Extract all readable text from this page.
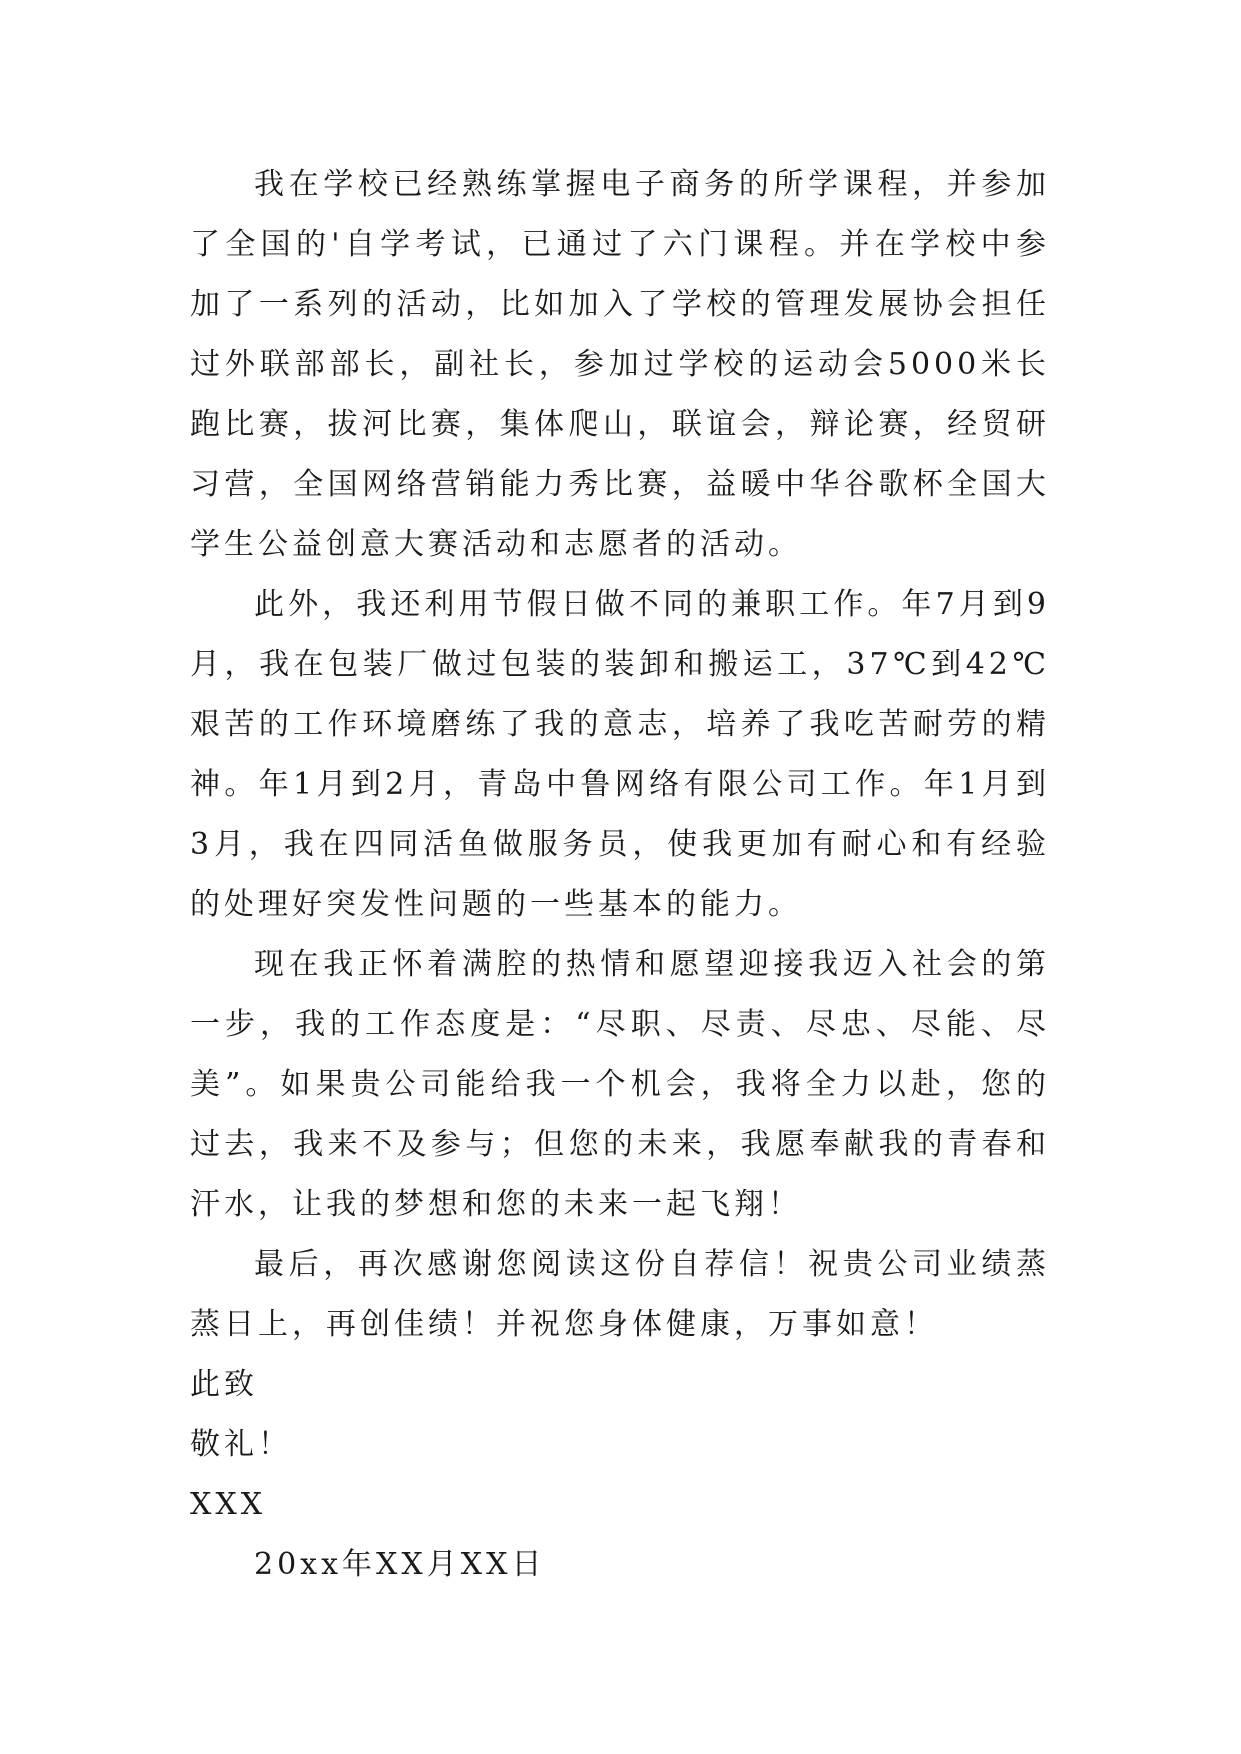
我在学校已经熟练掌握电子商务的所学课程，并参加了全国的'自学考试，已通过了六门课程。并在学校中参加了一系列的活动，比如加入了学校的管理发展协会担任过外联部部长，副社长，参加过学校的运动会5000米长跑比赛，拔河比赛，集体爬山，联谊会，辩论赛，经贸研习营，全国网络营销能力秀比赛，益暖中华谷歌杯全国大学生公益创意大赛活动和志愿者的活动。

此外，我还利用节假日做不同的兼职工作。年7月到9月，我在包装厂做过包装的装卸和搬运工，37℃到42℃艰苦的工作环境磨练了我的意志，培养了我吃苦耐劳的精神。年1月到2月，青岛中鲁网络有限公司工作。年1月到3月，我在四同活鱼做服务员，使我更加有耐心和有经验的处理好突发性问题的一些基本的能力。

现在我正怀着满腔的热情和愿望迎接我迈入社会的第一步，我的工作态度是：“尽职、尽责、尽忠、尽能、尽美”。如果贵公司能给我一个机会，我将全力以赴，您的过去，我来不及参与；但您的未来，我愿奉献我的青春和汗水，让我的梦想和您的未来一起飞翔！

最后，再次感谢您阅读这份自荐信！祝贵公司业绩蒸蒸日上，再创佳绩！并祝您身体健康，万事如意！

此致

敬礼！

XXX

20xx年XX月XX日
